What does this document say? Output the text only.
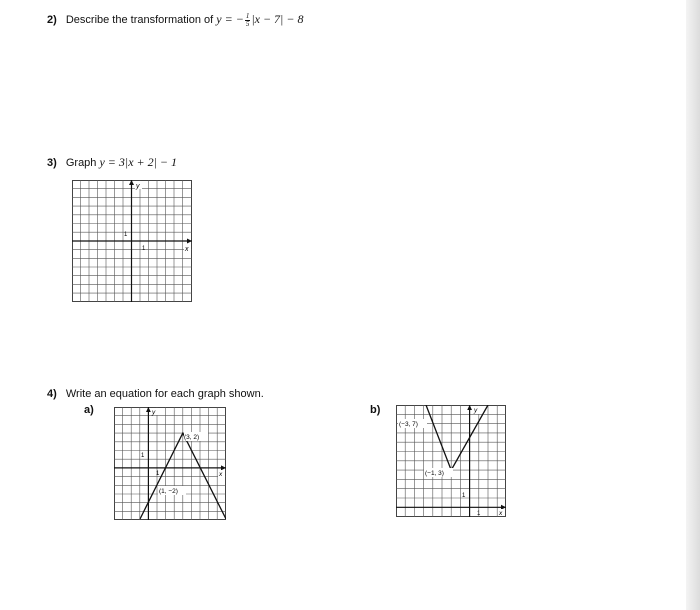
2) Describe the transformation of y = − $\frac{1}{5} |x - 7| - 8$
3) Graph y = 3|x + 2| − 1
y
x
1
1
4) Write an equation for each graph shown.
a)	b)
y
x
1
1
(3, 2)
(1, −2)
y
x
1
1
(−3, 7)
(−1, 3)
